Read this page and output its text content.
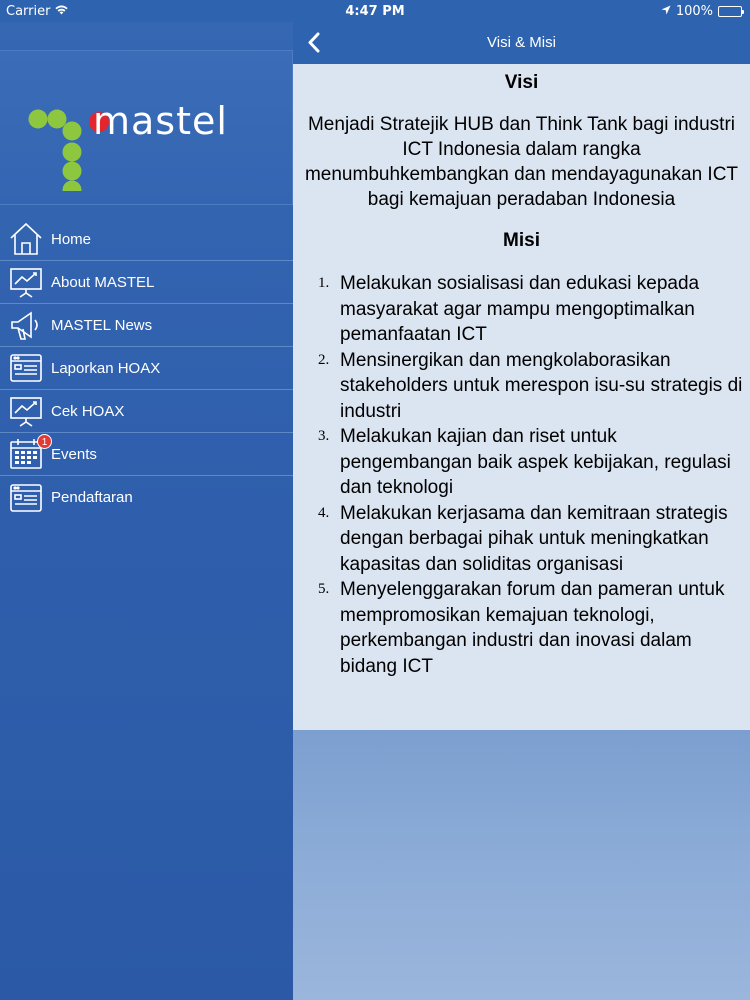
Carrier	4:47 PM	100%
mastel
Home
About MASTEL
MASTEL News
Laporkan HOAX
Cek HOAX
1
Events
Pendaftaran
Visi & Misi
Visi
Menjadi Stratejik HUB dan Think Tank bagi industri ICT Indonesia dalam rangka menumbuhkembangkan dan mendayagunakan ICT bagi kemajuan peradaban Indonesia
Misi
1. Melakukan sosialisasi dan edukasi kepada masyarakat agar mampu mengoptimalkan pemanfaatan ICT
2. Mensinergikan dan mengkolaborasikan stakeholders untuk merespon isu-su strategis di industri
3. Melakukan kajian dan riset untuk pengembangan baik aspek kebijakan, regulasi dan teknologi
4. Melakukan kerjasama dan kemitraan strategis dengan berbagai pihak untuk meningkatkan kapasitas dan soliditas organisasi
5. Menyelenggarakan forum dan pameran untuk mempromosikan kemajuan teknologi, perkembangan industri dan inovasi dalam bidang ICT
